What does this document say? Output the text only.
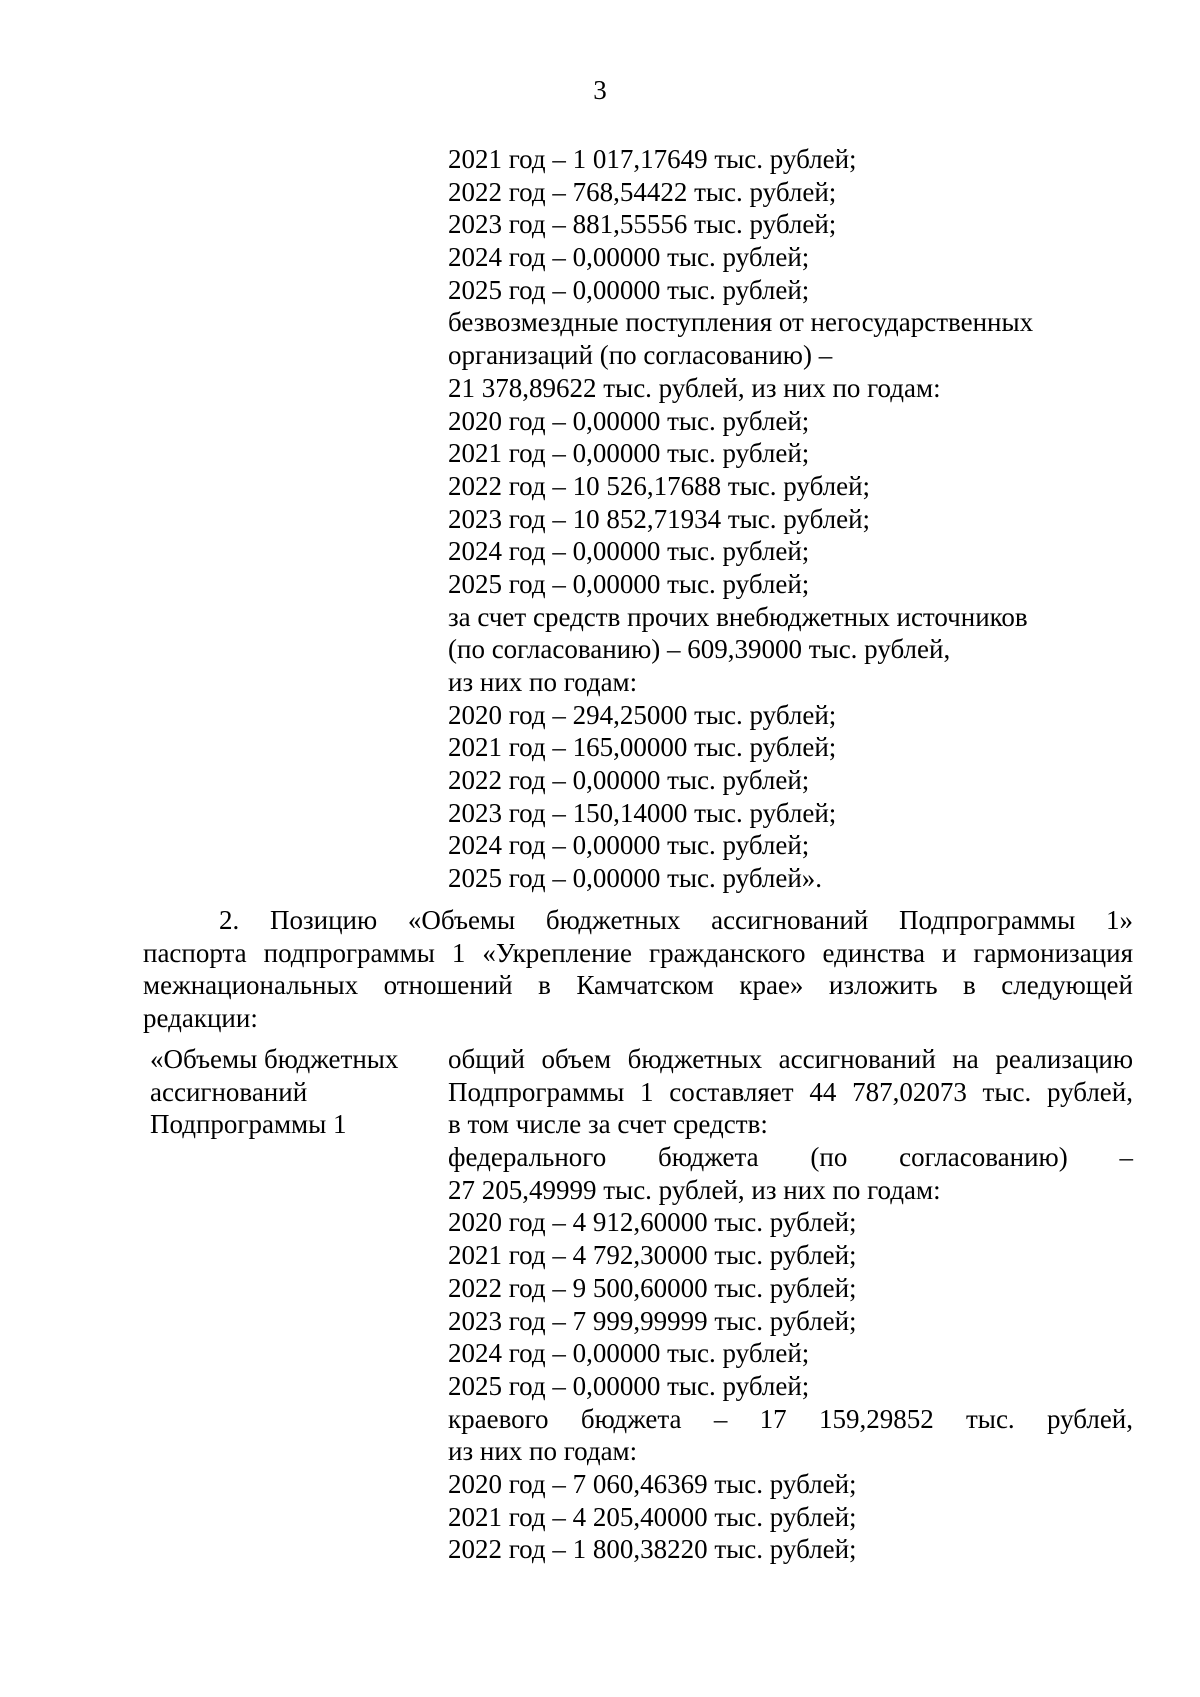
3
2021 год – 1 017,17649 тыс. рублей;
2022 год – 768,54422 тыс. рублей;
2023 год – 881,55556 тыс. рублей;
2024 год – 0,00000 тыс. рублей;
2025 год – 0,00000 тыс. рублей;
безвозмездные поступления от негосударственных
организаций (по согласованию) –
21 378,89622 тыс. рублей, из них по годам:
2020 год – 0,00000 тыс. рублей;
2021 год – 0,00000 тыс. рублей;
2022 год – 10 526,17688 тыс. рублей;
2023 год – 10 852,71934 тыс. рублей;
2024 год – 0,00000 тыс. рублей;
2025 год – 0,00000 тыс. рублей;
за счет средств прочих внебюджетных источников
(по согласованию) – 609,39000 тыс. рублей,
из них по годам:
2020 год – 294,25000 тыс. рублей;
2021 год – 165,00000 тыс. рублей;
2022 год – 0,00000 тыс. рублей;
2023 год – 150,14000 тыс. рублей;
2024 год – 0,00000 тыс. рублей;
2025 год – 0,00000 тыс. рублей».
2. Позицию «Объемы бюджетных ассигнований Подпрограммы 1»
паспорта подпрограммы 1 «Укрепление гражданского единства и гармонизация
межнациональных отношений в Камчатском крае» изложить в следующей
редакции:
«Объемы бюджетных
ассигнований
Подпрограммы 1
общий объем бюджетных ассигнований на реализацию
Подпрограммы 1 составляет 44 787,02073 тыс. рублей,
в том числе за счет средств:
федерального бюджета (по согласованию) –
27 205,49999 тыс. рублей, из них по годам:
2020 год – 4 912,60000 тыс. рублей;
2021 год – 4 792,30000 тыс. рублей;
2022 год – 9 500,60000 тыс. рублей;
2023 год – 7 999,99999 тыс. рублей;
2024 год – 0,00000 тыс. рублей;
2025 год – 0,00000 тыс. рублей;
краевого бюджета – 17 159,29852 тыс. рублей,
из них по годам:
2020 год – 7 060,46369 тыс. рублей;
2021 год – 4 205,40000 тыс. рублей;
2022 год – 1 800,38220 тыс. рублей;
